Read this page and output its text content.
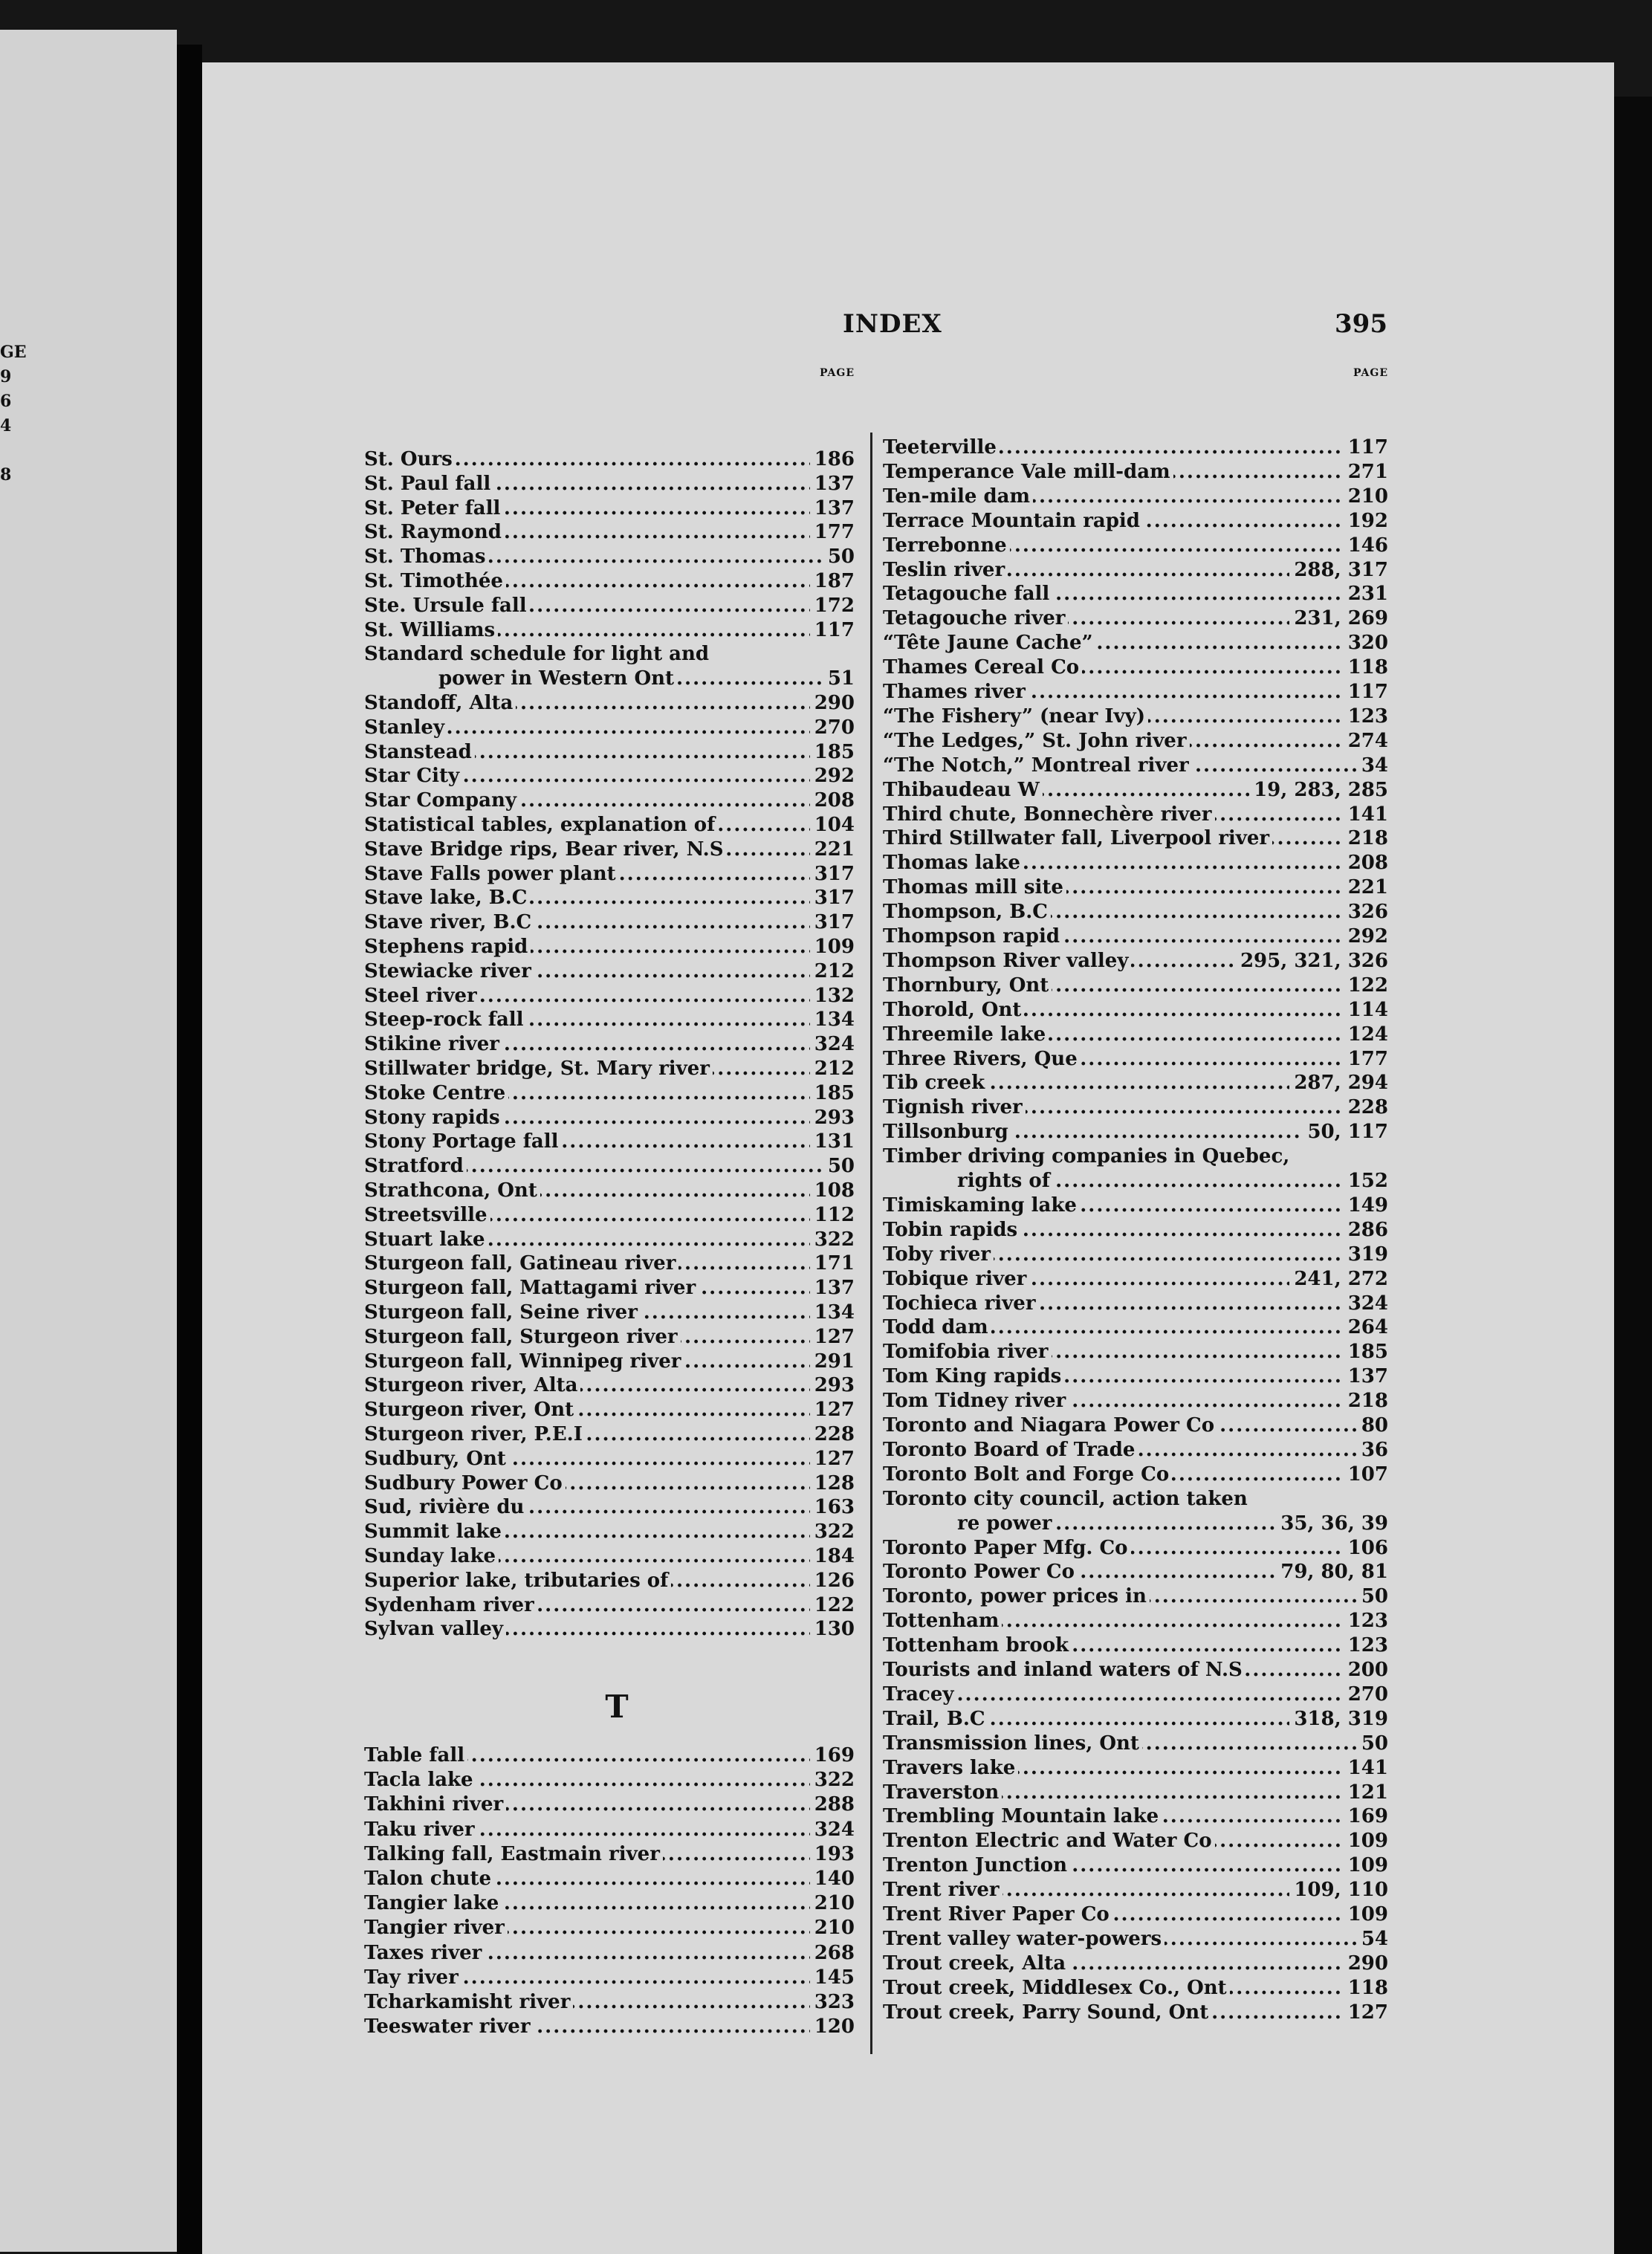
GE
9
6
4

8
INDEX	395
PAGE
St. Ours	186
.....
St. Paul fall	137
.....
St. Peter fall	137
.....
St. Raymond	177
.....
St. Thomas	50
.....
St. Timothée	187
.....
Ste. Ursule fall	172
.....
St. Williams	117
.....
Standard schedule for light and
power in Western Ont	51
.....
Standoff, Alta	290
.....
Stanley	270
.....
Stanstead	185
.....
Star City	292
.....
Star Company	208
.....
Statistical tables, explanation of	104
.....
Stave Bridge rips, Bear river, N.S	221
.....
Stave Falls power plant	317
.....
Stave lake, B.C	317
.....
Stave river, B.C	317
.....
Stephens rapid	109
.....
Stewiacke river	212
.....
Steel river	132
.....
Steep-rock fall	134
.....
Stikine river	324
.....
Stillwater bridge, St. Mary river	212
.....
Stoke Centre	185
.....
Stony rapids	293
.....
Stony Portage fall	131
.....
Stratford	50
.....
Strathcona, Ont	108
.....
Streetsville	112
.....
Stuart lake	322
.....
Sturgeon fall, Gatineau river	171
.....
Sturgeon fall, Mattagami river	137
.....
Sturgeon fall, Seine river	134
.....
Sturgeon fall, Sturgeon river	127
.....
Sturgeon fall, Winnipeg river	291
.....
Sturgeon river, Alta	293
.....
Sturgeon river, Ont	127
.....
Sturgeon river, P.E.I	228
.....
Sudbury, Ont	127
.....
Sudbury Power Co	128
.....
Sud, rivière du	163
.....
Summit lake	322
.....
Sunday lake	184
.....
Superior lake, tributaries of	126
.....
Sydenham river	122
.....
Sylvan valley	130
.....
PAGE
Teeterville	117
.....
Temperance Vale mill-dam	271
.....
Ten-mile dam	210
.....
Terrace Mountain rapid	192
.....
Terrebonne	146
.....
Teslin river	288, 317
.....
Tetagouche fall	231
.....
Tetagouche river	231, 269
.....
“Tête Jaune Cache”	320
.....
Thames Cereal Co	118
.....
Thames river	117
.....
“The Fishery” (near Ivy)	123
.....
“The Ledges,” St. John river	274
.....
“The Notch,” Montreal river	34
.....
Thibaudeau W	19, 283, 285
.....
Third chute, Bonnechère river	141
.....
Third Stillwater fall, Liverpool river	218
.....
Thomas lake	208
.....
Thomas mill site	221
.....
Thompson, B.C	326
.....
Thompson rapid	292
.....
Thompson River valley	295, 321, 326
.....
Thornbury, Ont	122
.....
Thorold, Ont	114
.....
Threemile lake	124
.....
Three Rivers, Que	177
.....
Tib creek	287, 294
.....
Tignish river	228
.....
Tillsonburg	50, 117
.....
Timber driving companies in Quebec,
rights of	152
.....
Timiskaming lake	149
.....
Tobin rapids	286
.....
Toby river	319
.....
Tobique river	241, 272
.....
Tochieca river	324
.....
Todd dam	264
.....
Tomifobia river	185
.....
Tom King rapids	137
.....
Tom Tidney river	218
.....
Toronto and Niagara Power Co	80
.....
Toronto Board of Trade	36
.....
Toronto Bolt and Forge Co	107
.....
Toronto city council, action taken
re power	35, 36, 39
.....
Toronto Paper Mfg. Co	106
.....
Toronto Power Co	79, 80, 81
.....
Toronto, power prices in	50
.....
Tottenham	123
.....
Tottenham brook	123
.....
Tourists and inland waters of N.S	200
.....
Tracey	270
.....
Trail, B.C	318, 319
.....
Transmission lines, Ont	50
.....
Travers lake	141
.....
Traverston	121
.....
Trembling Mountain lake	169
.....
Trenton Electric and Water Co	109
.....
Trenton Junction	109
.....
Trent river	109, 110
.....
Trent River Paper Co	109
.....
Trent valley water-powers	54
.....
Trout creek, Alta	290
.....
Trout creek, Middlesex Co., Ont	118
.....
Trout creek, Parry Sound, Ont	127
.....
T
Table fall	169
.....
Tacla lake	322
.....
Takhini river	288
.....
Taku river	324
.....
Talking fall, Eastmain river	193
.....
Talon chute	140
.....
Tangier lake	210
.....
Tangier river	210
.....
Taxes river	268
.....
Tay river	145
.....
Tcharkamisht river	323
.....
Teeswater river	120
.....
